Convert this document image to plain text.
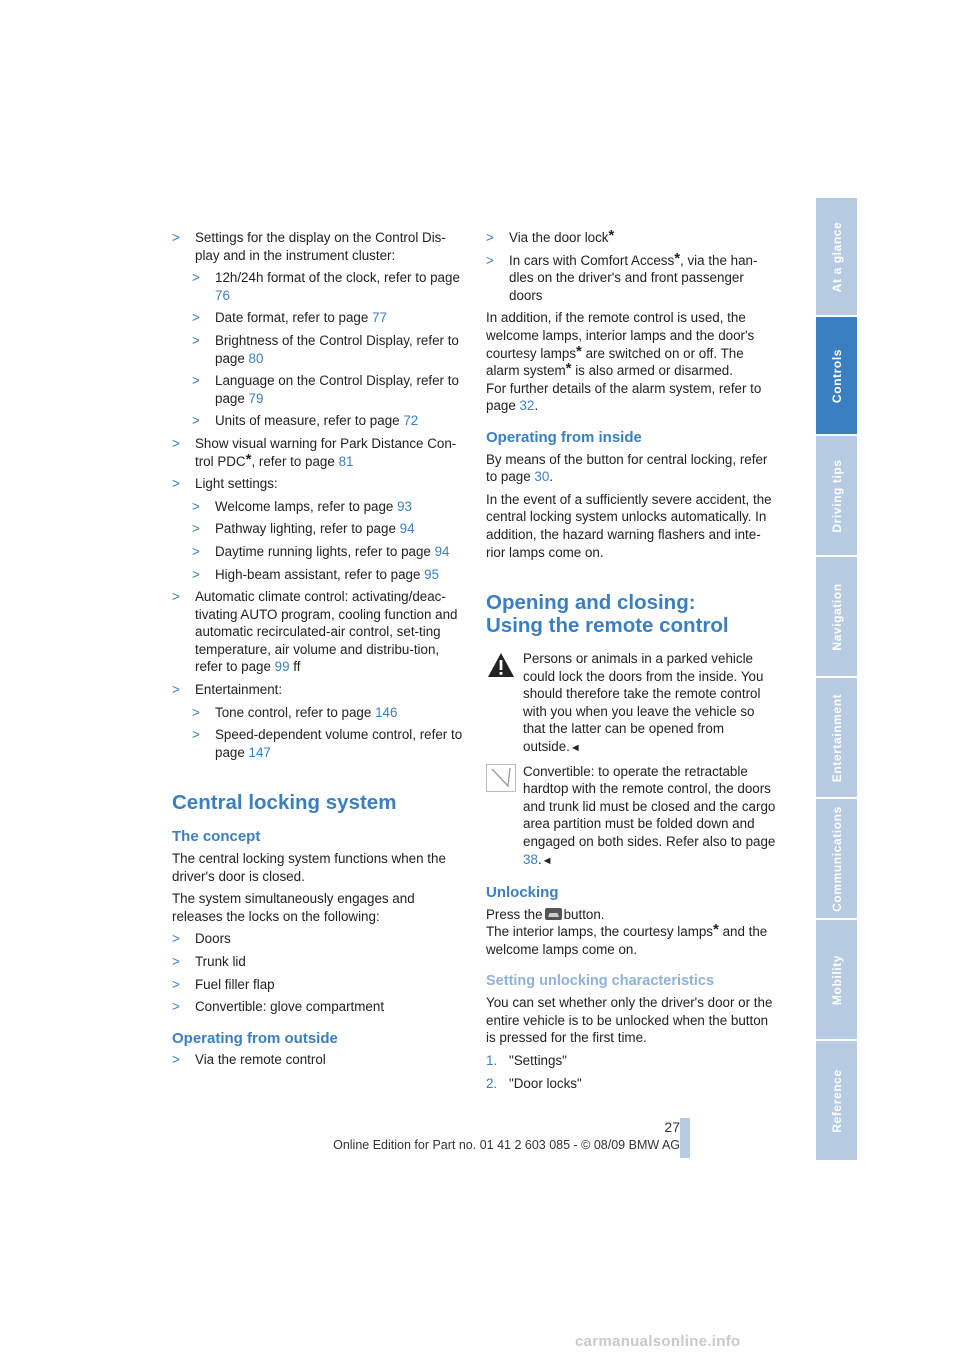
> Settings for the display on the Control Dis-play and in the instrument cluster:
> 12h/24h format of the clock, refer to page 76
> Date format, refer to page 77
> Brightness of the Control Display, refer to page 80
> Language on the Control Display, refer to page 79
> Units of measure, refer to page 72
> Show visual warning for Park Distance Con-trol PDC*, refer to page 81
> Light settings:
> Welcome lamps, refer to page 93
> Pathway lighting, refer to page 94
> Daytime running lights, refer to page 94
> High-beam assistant, refer to page 95
> Automatic climate control: activating/deac-tivating AUTO program, cooling function and automatic recirculated-air control, set-ting temperature, air volume and distribu-tion, refer to page 99 ff
> Entertainment:
> Tone control, refer to page 146
> Speed-dependent volume control, refer to page 147
Central locking system
The concept

The central locking system functions when the driver's door is closed.

The system simultaneously engages and releases the locks on the following:

> Doors
> Trunk lid
> Fuel filler flap
> Convertible: glove compartment
Operating from outside
> Via the remote control
> Via the door lock*
> In cars with Comfort Access*, via the han-dles on the driver's and front passenger doors

In addition, if the remote control is used, the welcome lamps, interior lamps and the door's courtesy lamps* are switched on or off. The alarm system* is also armed or disarmed.

For further details of the alarm system, refer to page 32.

Operating from inside

By means of the button for central locking, refer to page 30.

In the event of a sufficiently severe accident, the central locking system unlocks automatically. In addition, the hazard warning flashers and inte-rior lamps come on.

Opening and closing: Using the remote control
Persons or animals in a parked vehicle could lock the doors from the inside. You should therefore take the remote control with you when you leave the vehicle so that the latter can be opened from outside.◄
Convertible: to operate the retractable hardtop with the remote control, the doors and trunk lid must be closed and the cargo area partition must be folded down and engaged on both sides. Refer also to page 38.◄
Unlocking

Press the button.

The interior lamps, the courtesy lamps* and the welcome lamps come on.

Setting unlocking characteristics

You can set whether only the driver's door or the entire vehicle is to be unlocked when the button is pressed for the first time.

1. "Settings"
2. "Door locks"
At a glance
Controls
Driving tips
Navigation
Entertainment
Communications
Mobility
Reference
27
Online Edition for Part no. 01 41 2 603 085 - © 08/09 BMW AG
carmanualsonline.info
